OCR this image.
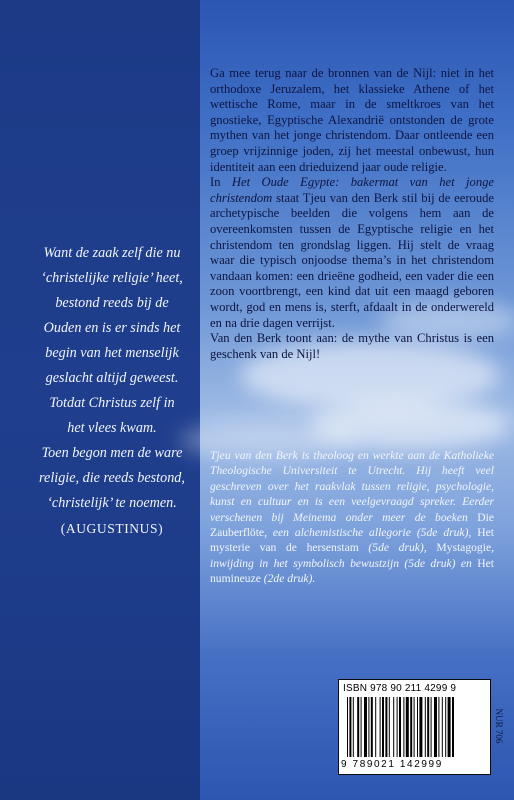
Want de zaak zelf die nu

‘christelijke religie’ heet,

bestond reeds bij de

Ouden en is er sinds het

begin van het menselijk

geslacht altijd geweest.

Totdat Christus zelf in

het vlees kwam.

Toen begon men de ware

religie, die reeds bestond,

‘christelijk’ te noemen.

(AUGUSTINUS)

Ga mee terug naar de bronnen van de Nijl: niet in het orthodoxe Jeruzalem, het klassieke Athene of het wettische Rome, maar in de smeltkroes van het gnostieke, Egyptische Alexandrië ontstonden de grote mythen van het jonge christendom. Daar ontleende een groep vrijzinnige joden, zij het meestal onbewust, hun identiteit aan een drieduizend jaar oude religie.

In Het Oude Egypte: bakermat van het jonge christendom staat Tjeu van den Berk stil bij de eeroude archetypische beelden die volgens hem aan de overeenkomsten tussen de Egyptische religie en het christendom ten grondslag liggen. Hij stelt de vraag waar die typisch onjoodse thema’s in het christendom vandaan komen: een drieëne godheid, een vader die een zoon voortbrengt, een kind dat uit een maagd geboren wordt, god en mens is, sterft, afdaalt in de onderwereld en na drie dagen verrijst.

Van den Berk toont aan: de mythe van Christus is een geschenk van de Nijl!

Tjeu van den Berk is theoloog en werkte aan de Katholieke Theologische Universiteit te Utrecht. Hij heeft veel geschreven over het raakvlak tussen religie, psychologie, kunst en cultuur en is een veelgevraagd spreker. Eerder verschenen bij Meinema onder meer de boeken Die Zauberflöte, een alchemistische allegorie (5de druk), Het mysterie van de hersenstam (5de druk), Mystagogie, inwijding in het symbolisch bewustzijn (5de druk) en Het numineuze (2de druk).

ISBN 978 90 211 4299 9
9 789021 142999
NUR 706
